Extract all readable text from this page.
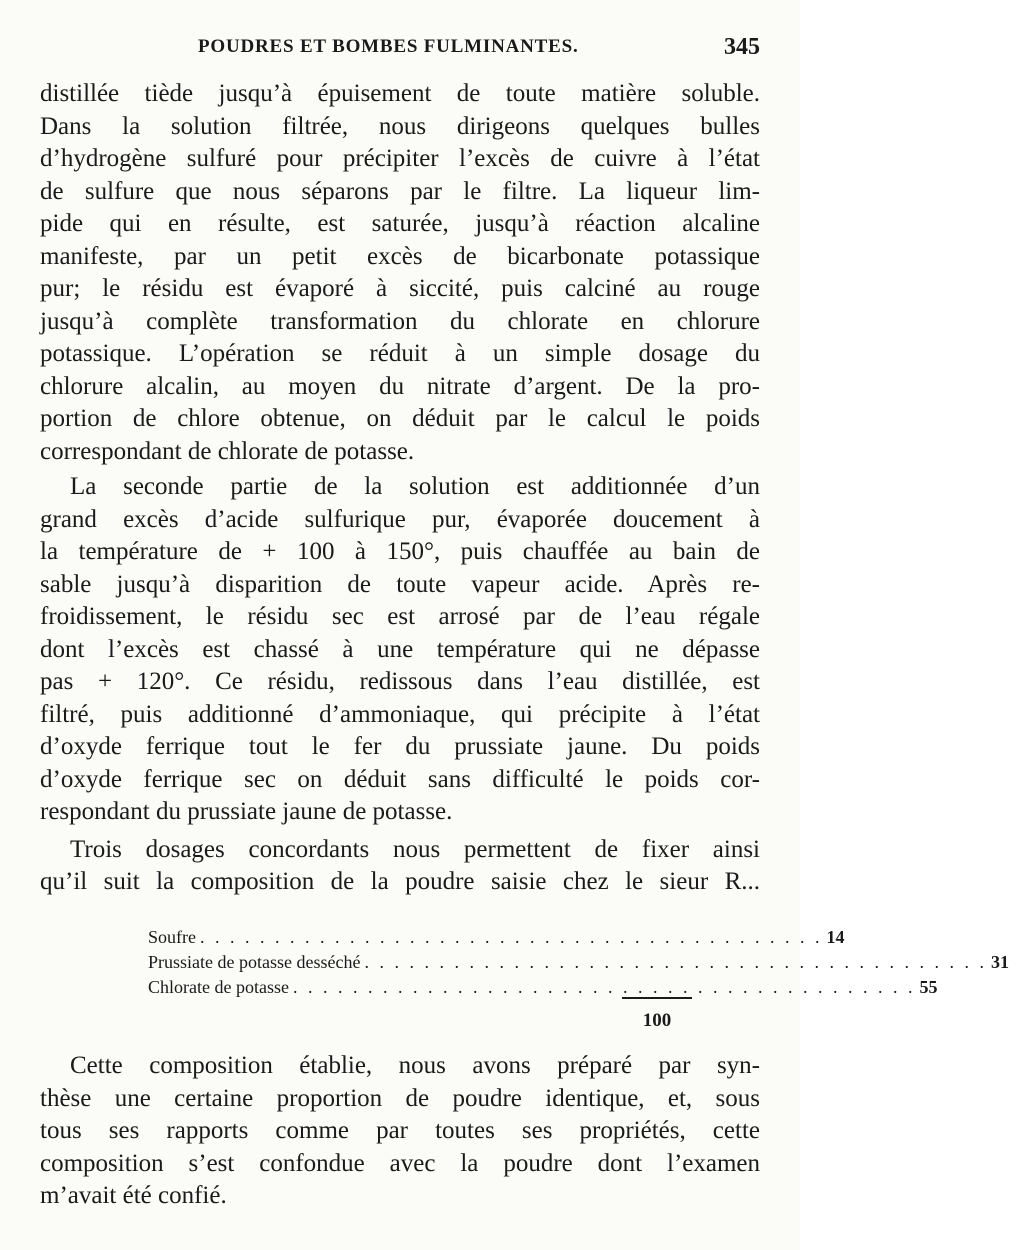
POUDRES ET BOMBES FULMINANTES.	345
distillée tiède jusqu’à épuisement de toute matière soluble.
Dans la solution filtrée, nous dirigeons quelques bulles
d’hydrogène sulfuré pour précipiter l’excès de cuivre à l’état
de sulfure que nous séparons par le filtre. La liqueur lim-
pide qui en résulte, est saturée, jusqu’à réaction alcaline
manifeste, par un petit excès de bicarbonate potassique
pur; le résidu est évaporé à siccité, puis calciné au rouge
jusqu’à complète transformation du chlorate en chlorure
potassique. L’opération se réduit à un simple dosage du
chlorure alcalin, au moyen du nitrate d’argent. De la pro-
portion de chlore obtenue, on déduit par le calcul le poids
correspondant de chlorate de potasse.
La seconde partie de la solution est additionnée d’un
grand excès d’acide sulfurique pur, évaporée doucement à
la température de + 100 à 150°, puis chauffée au bain de
sable jusqu’à disparition de toute vapeur acide. Après re-
froidissement, le résidu sec est arrosé par de l’eau régale
dont l’excès est chassé à une température qui ne dépasse
pas + 120°. Ce résidu, redissous dans l’eau distillée, est
filtré, puis additionné d’ammoniaque, qui précipite à l’état
d’oxyde ferrique tout le fer du prussiate jaune. Du poids
d’oxyde ferrique sec on déduit sans difficulté le poids cor-
respondant du prussiate jaune de potasse.
Trois dosages concordants nous permettent de fixer ainsi
qu’il suit la composition de la poudre saisie chez le sieur R...
Soufre . . . . . . . . . . . . . . . . . . . . . . . . . . . . . . . . . . . . . . . . . . 14
Prussiate de potasse desséché . . . . . . . . . . . . . . . . . . . . . . . . . . . . . . . . . . . . . . . . . . 31
Chlorate de potasse . . . . . . . . . . . . . . . . . . . . . . . . . . . . . . . . . . . . . . . . . . 55
100
Cette composition établie, nous avons préparé par syn-
thèse une certaine proportion de poudre identique, et, sous
tous ses rapports comme par toutes ses propriétés, cette
composition s’est confondue avec la poudre dont l’examen
m’avait été confié.
